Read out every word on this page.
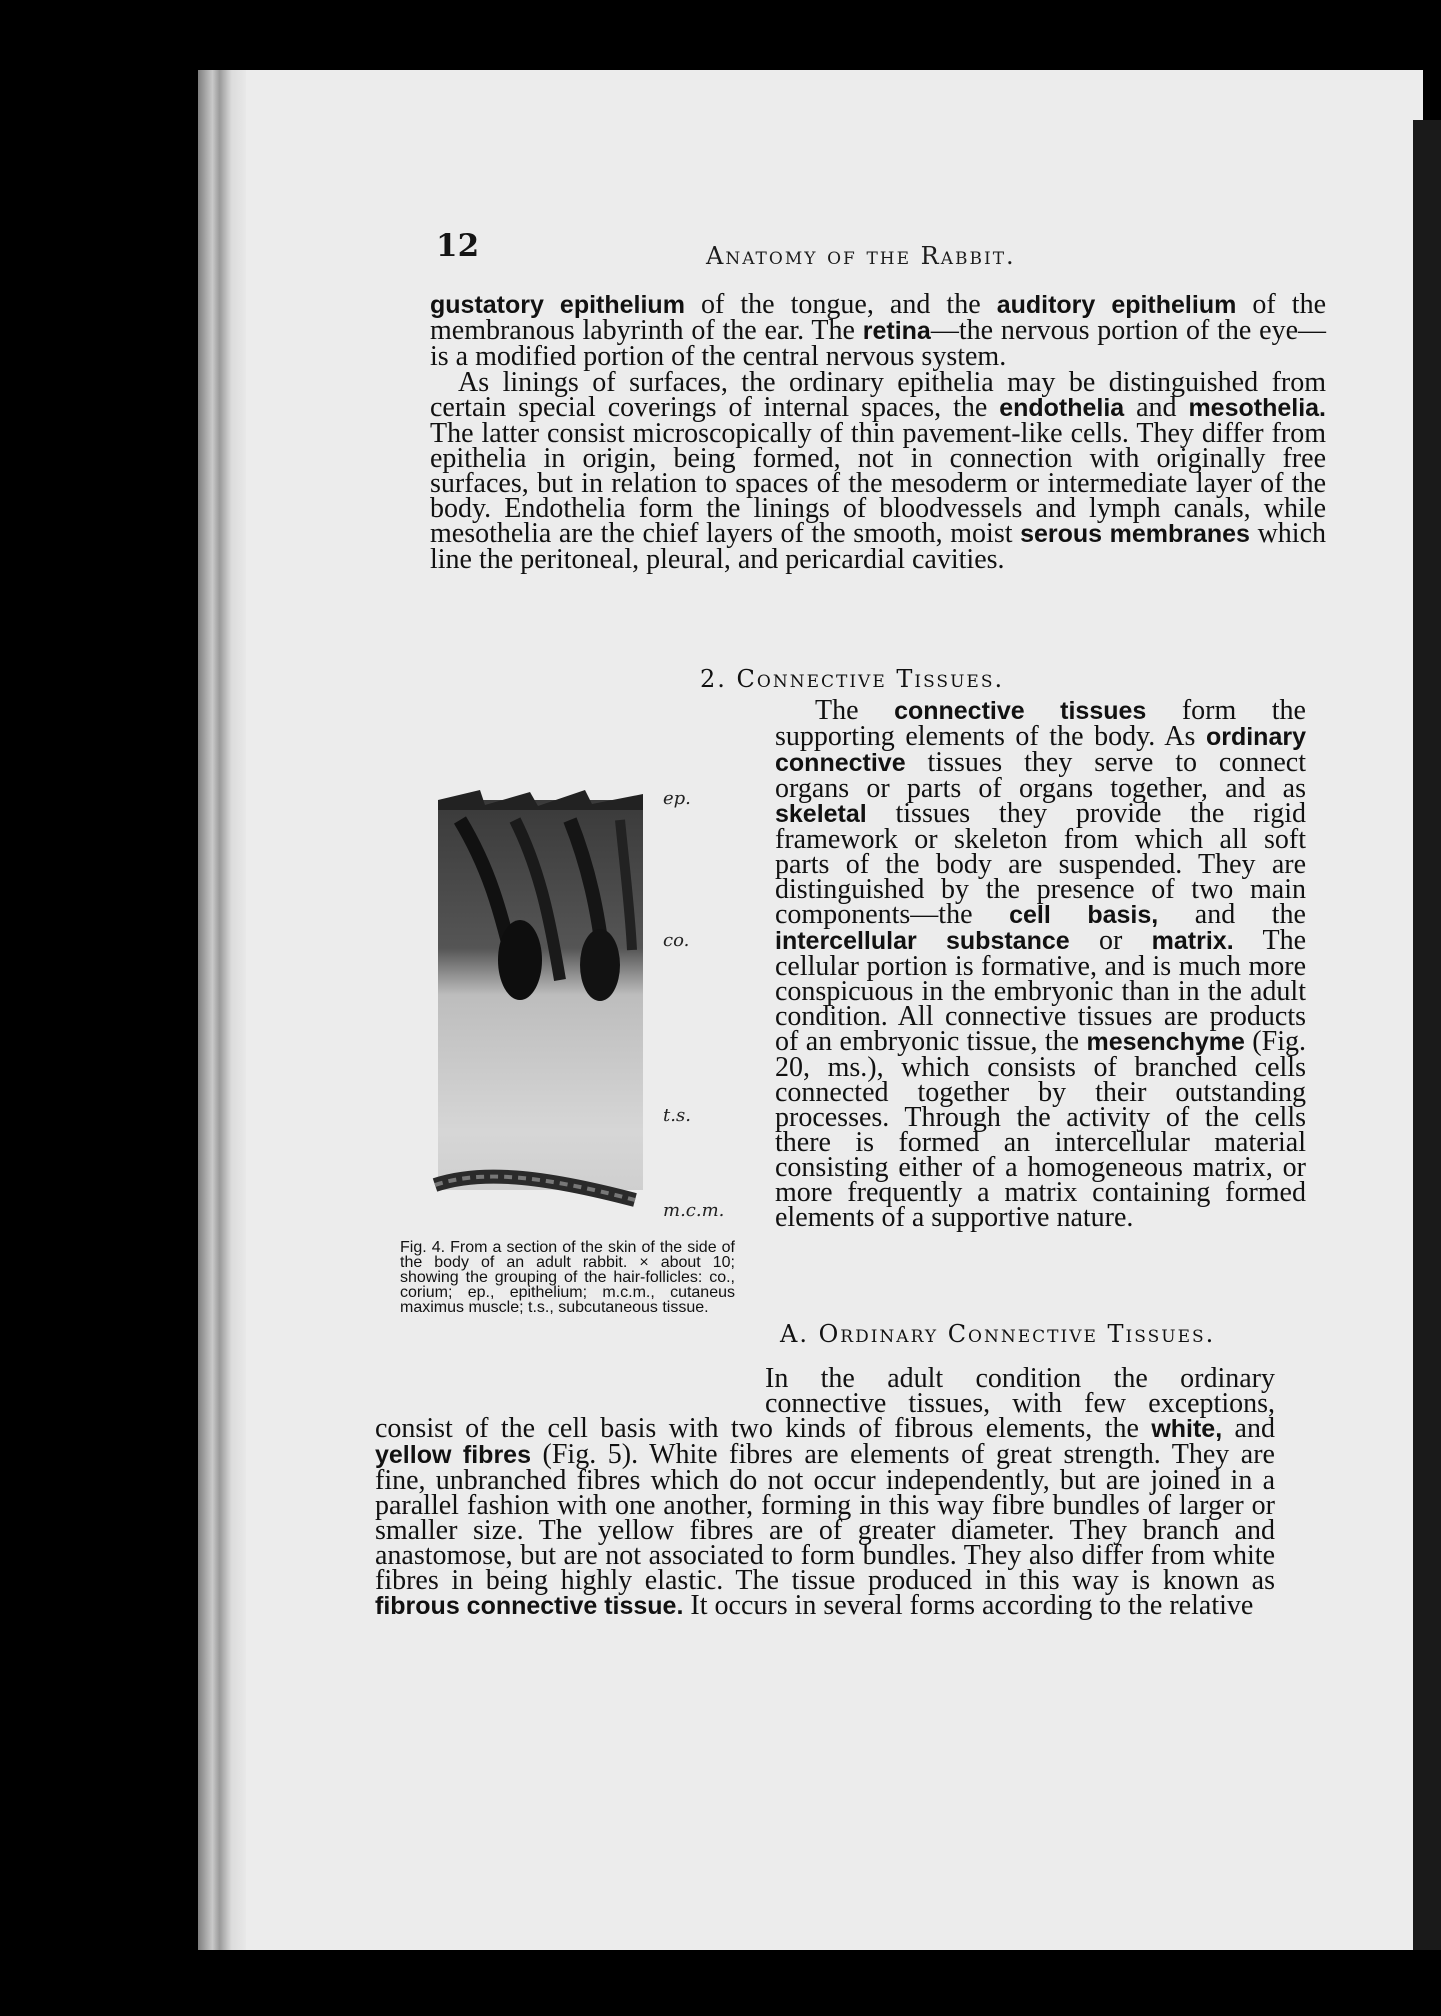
12	Anatomy of the Rabbit.
gustatory epithelium of the tongue, and the auditory epithelium of the membranous labyrinth of the ear. The retina—the nervous portion of the eye—is a modified portion of the central nervous system.
As linings of surfaces, the ordinary epithelia may be distinguished from certain special coverings of internal spaces, the endothelia and mesothelia. The latter consist microscopically of thin pavement-like cells. They differ from epithelia in origin, being formed, not in connection with originally free surfaces, but in relation to spaces of the mesoderm or intermediate layer of the body. Endothelia form the linings of bloodvessels and lymph canals, while mesothelia are the chief layers of the smooth, moist serous membranes which line the peritoneal, pleural, and pericardial cavities.
2. Connective Tissues.
The connective tissues form the supporting elements of the body. As ordinary connective tissues they serve to connect organs or parts of organs together, and as skeletal tissues they provide the rigid framework or skeleton from which all soft parts of the body are suspended. They are distinguished by the presence of two main components—the cell basis, and the intercellular substance or matrix. The cellular portion is formative, and is much more conspicuous in the embryonic than in the adult condition. All connective tissues are products of an embryonic tissue, the mesenchyme (Fig. 20, ms.), which consists of branched cells connected together by their outstanding processes. Through the activity of the cells there is formed an intercellular material consisting either of a homogeneous matrix, or more frequently a matrix containing formed elements of a supportive nature.
ep.
co.
t.s.
m.c.m.
Fig. 4. From a section of the skin of the side of the body of an adult rabbit. × about 10; showing the grouping of the hair-follicles: co., corium; ep., epithelium; m.c.m., cutaneus maximus muscle; t.s., subcutaneous tissue.
A. Ordinary Connective Tissues.
In the adult condition the ordinary connective tissues, with few exceptions, consist of the cell basis with two kinds of fibrous elements, the white, and yellow fibres (Fig. 5). White fibres are elements of great strength. They are fine, unbranched fibres which do not occur independently, but are joined in a parallel fashion with one another, forming in this way fibre bundles of larger or smaller size. The yellow fibres are of greater diameter. They branch and anastomose, but are not associated to form bundles. They also differ from white fibres in being highly elastic. The tissue produced in this way is known as fibrous connective tissue. It occurs in several forms according to the relative
